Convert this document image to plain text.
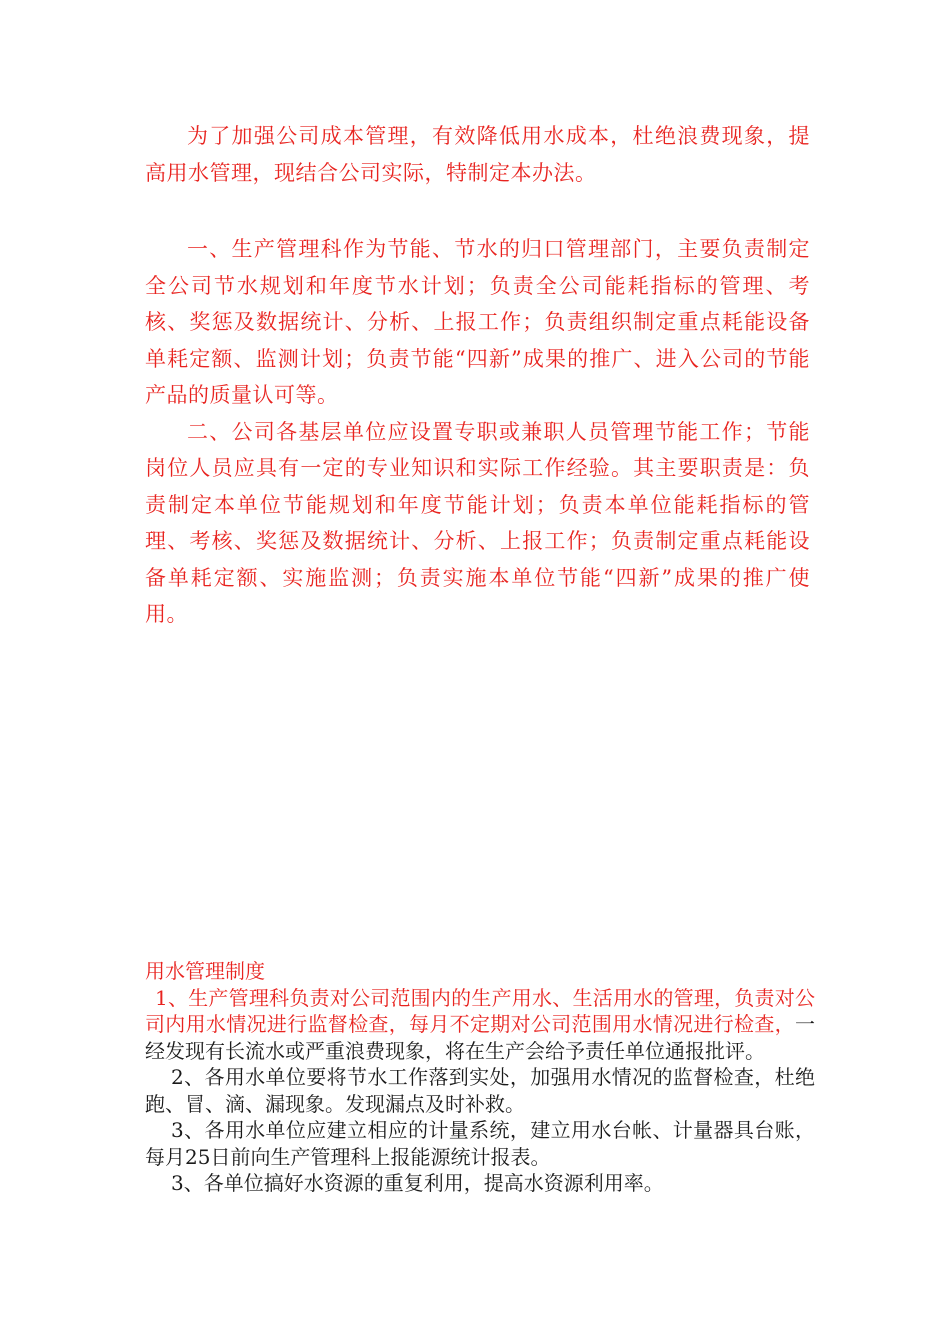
为了加强公司成本管理，有效降低用水成本，杜绝浪费现象，提高用水管理，现结合公司实际，特制定本办法。

一、生产管理科作为节能、节水的归口管理部门，主要负责制定全公司节水规划和年度节水计划；负责全公司能耗指标的管理、考核、奖惩及数据统计、分析、上报工作；负责组织制定重点耗能设备单耗定额、监测计划；负责节能“四新”成果的推广、进入公司的节能产品的质量认可等。

二、公司各基层单位应设置专职或兼职人员管理节能工作；节能岗位人员应具有一定的专业知识和实际工作经验。其主要职责是：负责制定本单位节能规划和年度节能计划；负责本单位能耗指标的管理、考核、奖惩及数据统计、分析、上报工作；负责制定重点耗能设备单耗定额、实施监测；负责实施本单位节能“四新”成果的推广使用。

用水管理制度

1、生产管理科负责对公司范围内的生产用水、生活用水的管理，负责对公司内用水情况进行监督检查，每月不定期对公司范围用水情况进行检查，一经发现有长流水或严重浪费现象，将在生产会给予责任单位通报批评。

2、各用水单位要将节水工作落到实处，加强用水情况的监督检查，杜绝跑、冒、滴、漏现象。发现漏点及时补救。

3、各用水单位应建立相应的计量系统，建立用水台帐、计量器具台账，每月25日前向生产管理科上报能源统计报表。

3、各单位搞好水资源的重复利用，提高水资源利用率。
